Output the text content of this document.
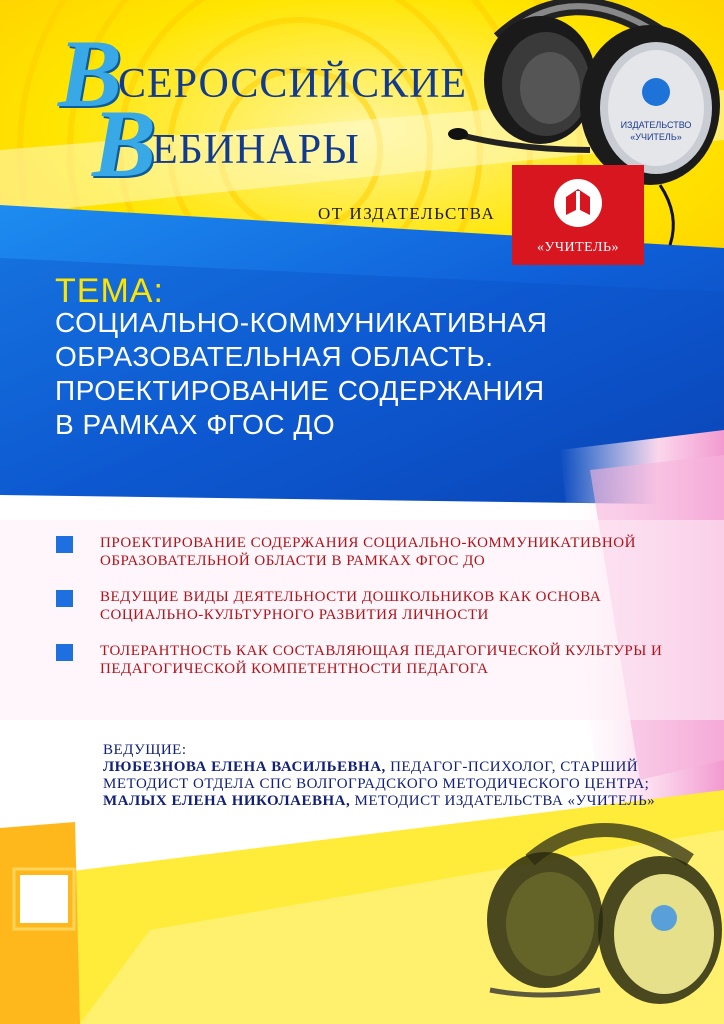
ИЗДАТЕЛЬСТВО
«УЧИТЕЛЬ»
«УЧИТЕЛЬ»
В
СЕРОССИЙСКИЕ
В
ЕБИНАРЫ
ОТ ИЗДАТЕЛЬСТВА
ТЕМА:
СОЦИАЛЬНО-КОММУНИКАТИВНАЯ
ОБРАЗОВАТЕЛЬНАЯ ОБЛАСТЬ.
ПРОЕКТИРОВАНИЕ СОДЕРЖАНИЯ
В РАМКАХ ФГОС ДО
ПРОЕКТИРОВАНИЕ СОДЕРЖАНИЯ СОЦИАЛЬНО-КОММУНИКАТИВНОЙ ОБРАЗОВАТЕЛЬНОЙ ОБЛАСТИ В РАМКАХ ФГОС ДО
ВЕДУЩИЕ ВИДЫ ДЕЯТЕЛЬНОСТИ ДОШКОЛЬНИКОВ КАК ОСНОВА СОЦИАЛЬНО-КУЛЬТУРНОГО РАЗВИТИЯ ЛИЧНОСТИ
ТОЛЕРАНТНОСТЬ КАК СОСТАВЛЯЮЩАЯ ПЕДАГОГИЧЕСКОЙ КУЛЬТУРЫ И ПЕДАГОГИЧЕСКОЙ КОМПЕТЕНТНОСТИ ПЕДАГОГА
ВЕДУЩИЕ:
ЛЮБЕЗНОВА ЕЛЕНА ВАСИЛЬЕВНА, ПЕДАГОГ-ПСИХОЛОГ, СТАРШИЙ МЕТОДИСТ ОТДЕЛА СПС ВОЛГОГРАДСКОГО МЕТОДИЧЕСКОГО ЦЕНТРА;
МАЛЫХ ЕЛЕНА НИКОЛАЕВНА, МЕТОДИСТ ИЗДАТЕЛЬСТВА «УЧИТЕЛЬ»
